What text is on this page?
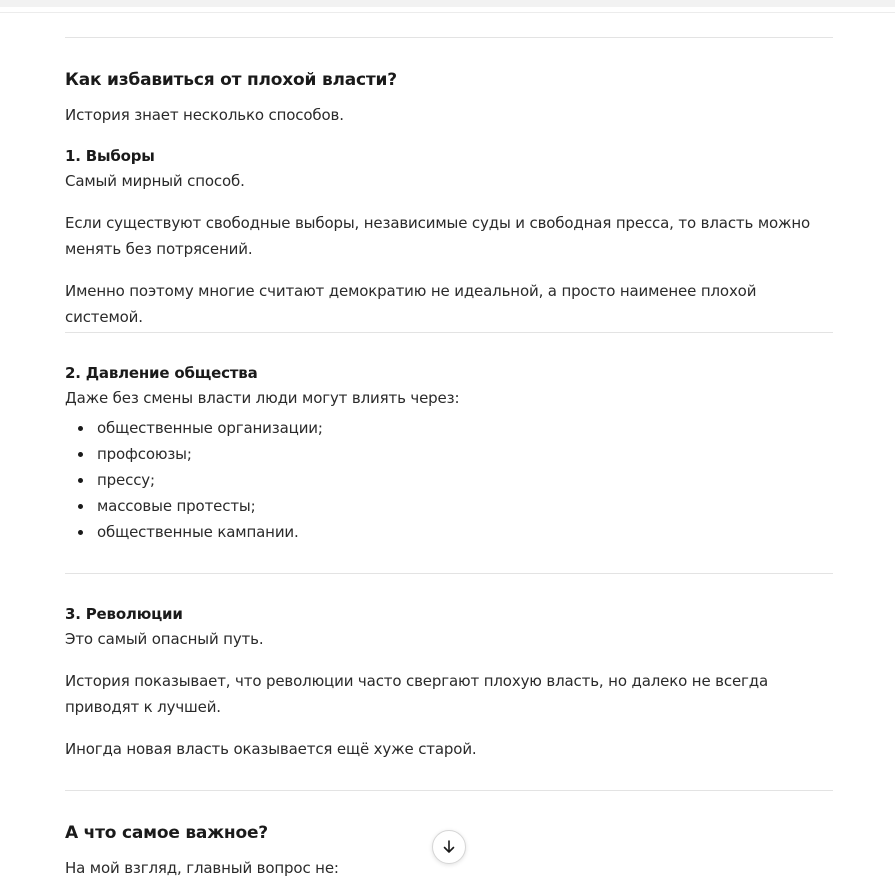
Как избавиться от плохой власти?
История знает несколько способов.
1. Выборы
Самый мирный способ.
Если существуют свободные выборы, независимые суды и свободная пресса, то власть можно менять без потрясений.
Именно поэтому многие считают демократию не идеальной, а просто наименее плохой системой.
2. Давление общества
Даже без смены власти люди могут влиять через:
общественные организации;
профсоюзы;
прессу;
массовые протесты;
общественные кампании.
3. Революции
Это самый опасный путь.
История показывает, что революции часто свергают плохую власть, но далеко не всегда приводят к лучшей.
Иногда новая власть оказывается ещё хуже старой.
А что самое важное?
На мой взгляд, главный вопрос не:
